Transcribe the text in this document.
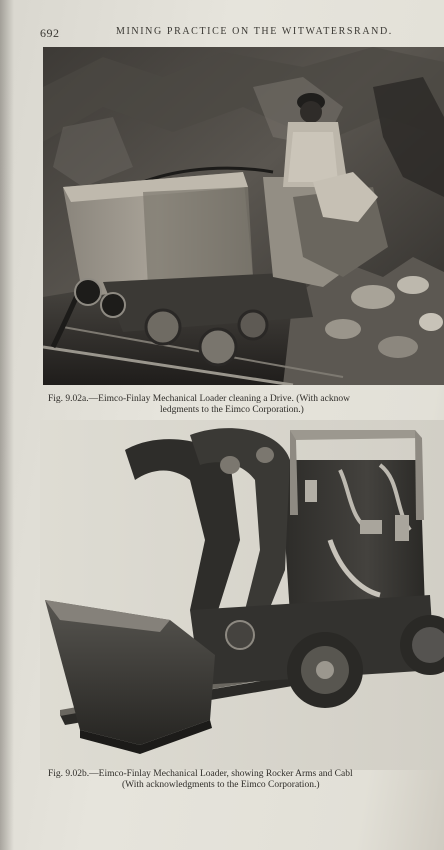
692	MINING PRACTICE ON THE WITWATERSRAND.
Fig. 9.02a.—Eimco-Finlay Mechanical Loader cleaning a Drive. (With acknow
ledgments to the Eimco Corporation.)
Fig. 9.02b.—Eimco-Finlay Mechanical Loader, showing Rocker Arms and Cabl
(With acknowledgments to the Eimco Corporation.)
